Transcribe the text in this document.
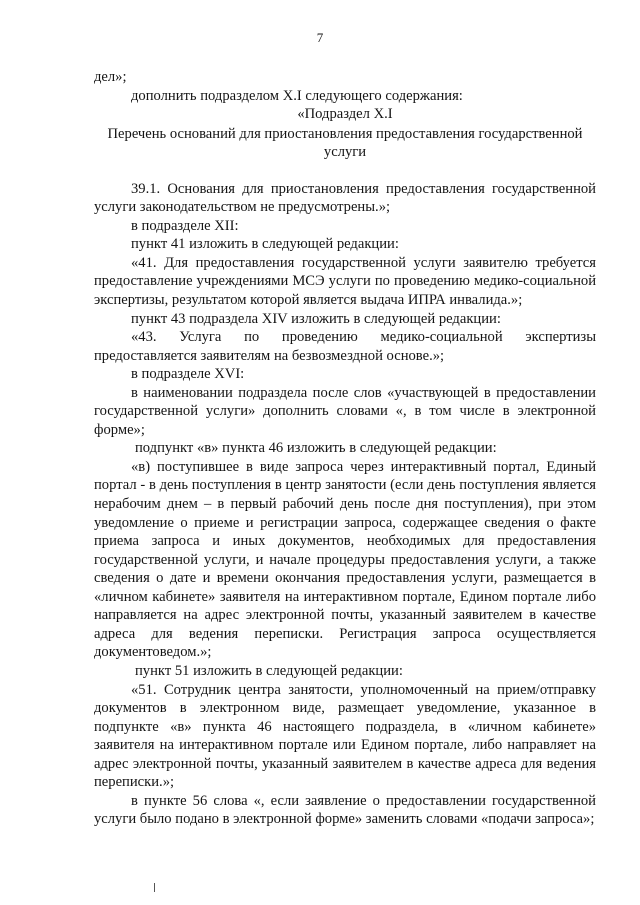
7

дел»;

дополнить подразделом X.I следующего содержания:

«Подраздел X.I

Перечень оснований для приостановления предоставления государственной услуги

39.1. Основания для приостановления предоставления государственной услуги законодательством не предусмотрены.»;

в подразделе XII:

пункт 41 изложить в следующей редакции:

«41. Для предоставления государственной услуги заявителю требуется предоставление учреждениями МСЭ услуги по проведению медико-социальной экспертизы, результатом которой является выдача ИПРА инвалида.»;

пункт 43 подраздела XIV изложить в следующей редакции:

«43. Услуга по проведению медико-социальной экспертизы предоставляется заявителям на безвозмездной основе.»;

в подразделе XVI:

в наименовании подраздела после слов «участвующей в предоставлении государственной услуги» дополнить словами «, в том числе в электронной форме»;

подпункт «в» пункта 46 изложить в следующей редакции:

«в) поступившее в виде запроса через интерактивный портал, Единый портал - в день поступления в центр занятости (если день поступления является нерабочим днем – в первый рабочий день после дня поступления), при этом уведомление о приеме и регистрации запроса, содержащее сведения о факте приема запроса и иных документов, необходимых для предоставления государственной услуги, и начале процедуры предоставления услуги, а также сведения о дате и времени окончания предоставления услуги, размещается в «личном кабинете» заявителя на интерактивном портале, Едином портале либо направляется на адрес электронной почты, указанный заявителем в качестве адреса для ведения переписки. Регистрация запроса осуществляется документоведом.»;

пункт 51 изложить в следующей редакции:

«51. Сотрудник центра занятости, уполномоченный на прием/отправку документов в электронном виде, размещает уведомление, указанное в подпункте «в» пункта 46 настоящего подраздела, в «личном кабинете» заявителя на интерактивном портале или Едином портале, либо направляет на адрес электронной почты, указанный заявителем в качестве адреса для ведения переписки.»;

в пункте 56 слова «, если заявление о предоставлении государственной услуги было подано в электронной форме» заменить словами «подачи запроса»;
